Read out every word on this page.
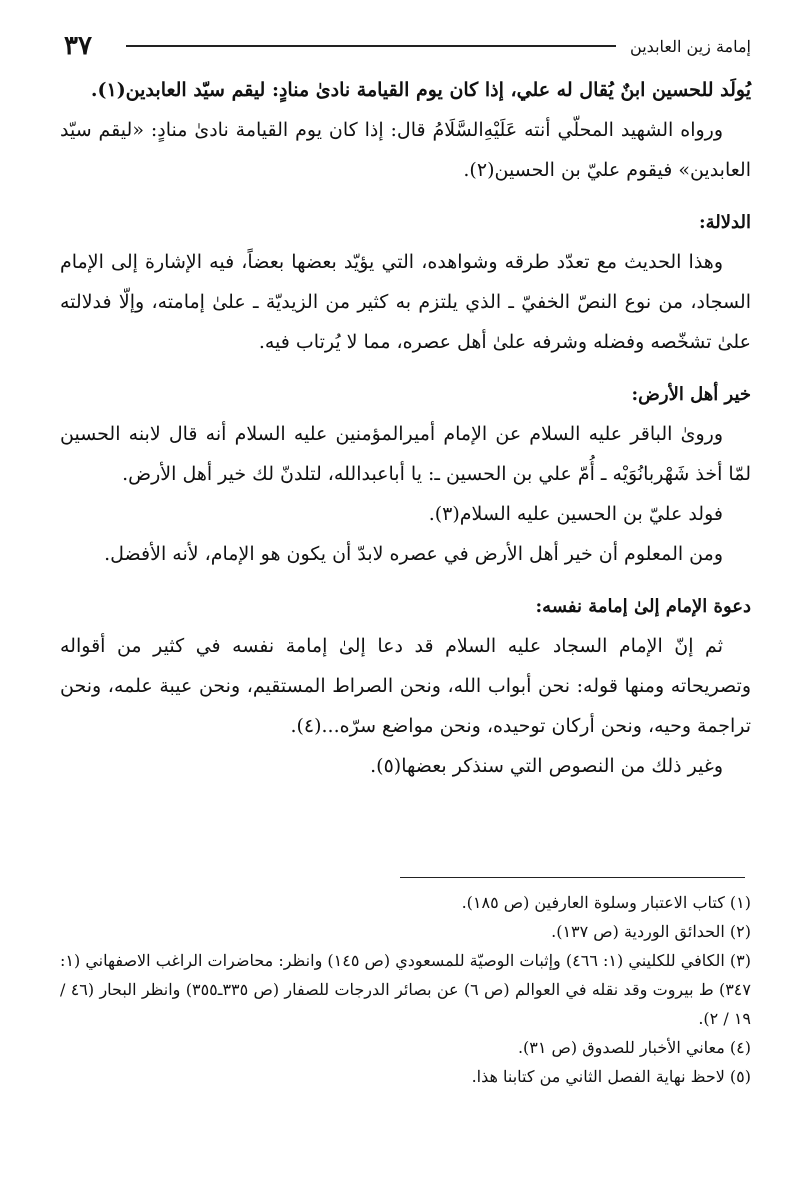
٣٧	إمامة زين العابدين

يُولَد للحسين ابنٌ يُقال له علي، إذا كان يوم القيامة نادىٰ منادٍ: ليقم سيّد العابدين(١).

ورواه الشهيد المحلّي أنته عَلَيْهِ‌السَّلَامُ قال: إذا كان يوم القيامة نادىٰ منادٍ: «ليقم سيّد العابدين» فيقوم عليّ بن الحسين(٢).

الدلالة:

وهذا الحديث مع تعدّد طرقه وشواهده، التي يؤيّد بعضها بعضاً، فيه الإشارة إلى الإمام السجاد، من نوع النصّ الخفيّ ـ الذي يلتزم به كثير من الزيديّة ـ علىٰ إمامته، وإلّا فدلالته علىٰ تشخّصه وفضله وشرفه علىٰ أهل عصره، مما لا يُرتاب فيه.

خير أهل الأرض:

ورویٰ الباقر عليه السلام عن الإمام أميرالمؤمنين عليه السلام أنه قال لابنه الحسين لمّا أخذ شَهْربانُوَيْه ـ أُمّ علي بن الحسين ـ: يا أباعبدالله، لتلدنّ لك خير أهل الأرض.

فولد عليّ بن الحسين عليه السلام(٣).

ومن المعلوم أن خير أهل الأرض في عصره لابدّ أن يكون هو الإمام، لأنه الأفضل.

دعوة الإمام إلىٰ إمامة نفسه:

ثم إنّ الإمام السجاد عليه السلام قد دعا إلىٰ إمامة نفسه في كثير من أقواله وتصريحاته ومنها قوله: نحن أبواب الله، ونحن الصراط المستقيم، ونحن عيبة علمه، ونحن تراجمة وحيه، ونحن أركان توحيده، ونحن مواضع سرّه...(٤).

وغير ذلك من النصوص التي سنذكر بعضها(٥).

(١) كتاب الاعتبار وسلوة العارفين (ص ١٨٥).

(٢) الحدائق الوردية (ص ١٣٧).

(٣) الكافي للكليني (١: ٤٦٦) وإثبات الوصيّة للمسعودي (ص ١٤٥) وانظر: محاضرات الراغب الاصفهاني (١: ٣٤٧) ط بيروت وقد نقله في العوالم (ص ٦) عن بصائر الدرجات للصفار (ص ٣٣٥ـ٣٥٥) وانظر البحار (٤٦ / ١٩ / ٢).

(٤) معاني الأخبار للصدوق (ص ٣١).

(٥) لاحظ نهاية الفصل الثاني من كتابنا هذا.
